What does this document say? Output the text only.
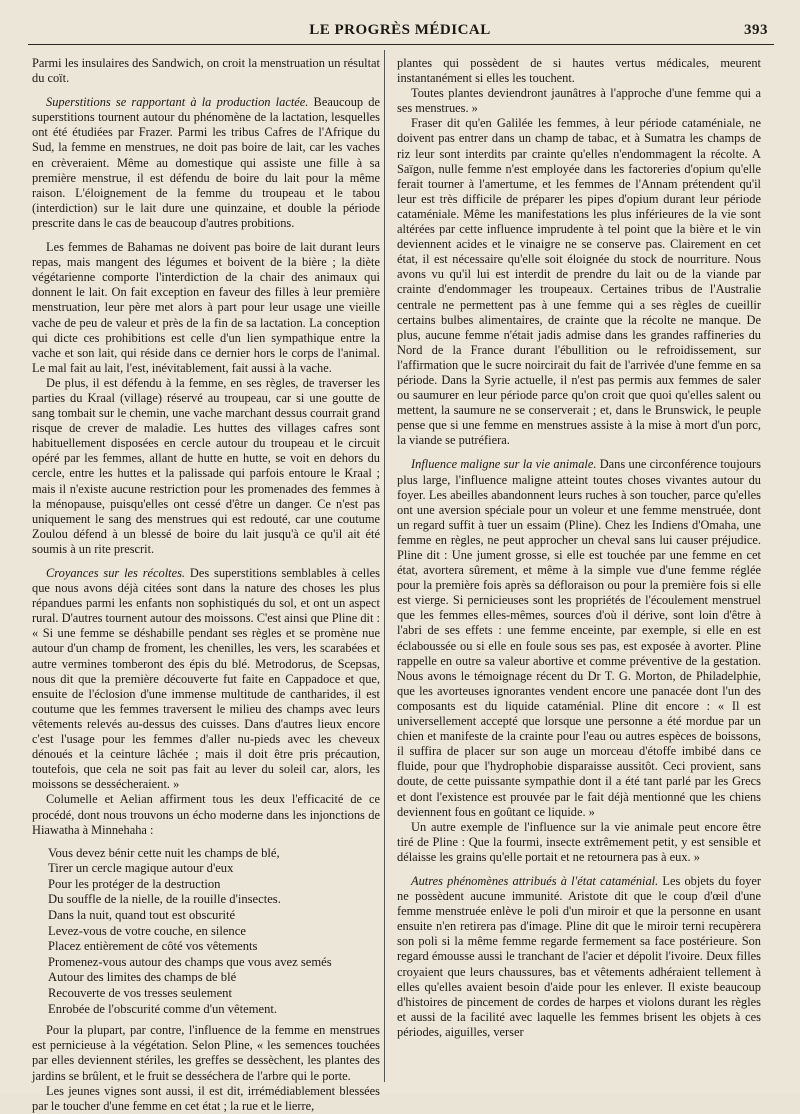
LE PROGRÈS MÉDICAL	393

Parmi les insulaires des Sandwich, on croit la menstruation un résultat du coït.

Superstitions se rapportant à la production lactée. Beaucoup de superstitions tournent autour du phénomène de la lactation, lesquelles ont été étudiées par Frazer. Parmi les tribus Cafres de l'Afrique du Sud, la femme en menstrues, ne doit pas boire de lait, car les vaches en crèveraient. Même au domestique qui assiste une fille à sa première menstrue, il est défendu de boire du lait pour la même raison. L'éloignement de la femme du troupeau et le tabou (interdiction) sur le lait dure une quinzaine, et double la période prescrite dans le cas de beaucoup d'autres probitions.

Les femmes de Bahamas ne doivent pas boire de lait durant leurs repas, mais mangent des légumes et boivent de la bière ; la diète végétarienne comporte l'interdiction de la chair des animaux qui donnent le lait. On fait exception en faveur des filles à leur première menstruation, leur père met alors à part pour leur usage une vieille vache de peu de valeur et près de la fin de sa lactation. La conception qui dicte ces prohibitions est celle d'un lien sympathique entre la vache et son lait, qui réside dans ce dernier hors le corps de l'animal. Le mal fait au lait, l'est, inévitablement, fait aussi à la vache.

De plus, il est défendu à la femme, en ses règles, de traverser les parties du Kraal (village) réservé au troupeau, car si une goutte de sang tombait sur le chemin, une vache marchant dessus courrait grand risque de crever de maladie. Les huttes des villages cafres sont habituellement disposées en cercle autour du troupeau et le circuit opéré par les femmes, allant de hutte en hutte, se voit en dehors du cercle, entre les huttes et la palissade qui parfois entoure le Kraal ; mais il n'existe aucune restriction pour les promenades des femmes à la ménopause, puisqu'elles ont cessé d'être un danger. Ce n'est pas uniquement le sang des menstrues qui est redouté, car une coutume Zoulou défend à un blessé de boire du lait jusqu'à ce qu'il ait été soumis à un rite prescrit.

Croyances sur les récoltes. Des superstitions semblables à celles que nous avons déjà citées sont dans la nature des choses les plus répandues parmi les enfants non sophistiqués du sol, et ont un aspect rural. D'autres tournent autour des moissons. C'est ainsi que Pline dit : « Si une femme se déshabille pendant ses règles et se promène nue autour d'un champ de froment, les chenilles, les vers, les scarabées et autre vermines tomberont des épis du blé. Metrodorus, de Scepsas, nous dit que la première découverte fut faite en Cappadoce et que, ensuite de l'éclosion d'une immense multitude de cantharides, il est coutume que les femmes traversent le milieu des champs avec leurs vêtements relevés au-dessus des cuisses. Dans d'autres lieux encore c'est l'usage pour les femmes d'aller nu-pieds avec les cheveux dénoués et la ceinture lâchée ; mais il doit être pris précaution, toutefois, que cela ne soit pas fait au lever du soleil car, alors, les moissons se dessécheraient. »

Columelle et Aelian affirment tous les deux l'efficacité de ce procédé, dont nous trouvons un écho moderne dans les injonctions de Hiawatha à Minnehaha :

Vous devez bénir cette nuit les champs de blé,
Tirer un cercle magique autour d'eux
Pour les protéger de la destruction
Du souffle de la nielle, de la rouille d'insectes.
Dans la nuit, quand tout est obscurité
Levez-vous de votre couche, en silence
Placez entièrement de côté vos vêtements
Promenez-vous autour des champs que vous avez semés
Autour des limites des champs de blé
Recouverte de vos tresses seulement
Enrobée de l'obscurité comme d'un vêtement.

Pour la plupart, par contre, l'influence de la femme en menstrues est pernicieuse à la végétation. Selon Pline, « les semences touchées par elles deviennent stériles, les greffes se dessèchent, les plantes des jardins se brûlent, et le fruit se desséchera de l'arbre qui le porte.

Les jeunes vignes sont aussi, il est dit, irrémédiablement blessées par le toucher d'une femme en cet état ; la rue et le lierre,

plantes qui possèdent de si hautes vertus médicales, meurent instantanément si elles les touchent.

Toutes plantes deviendront jaunâtres à l'approche d'une femme qui a ses menstrues. »

Fraser dit qu'en Galilée les femmes, à leur période cataméniale, ne doivent pas entrer dans un champ de tabac, et à Sumatra les champs de riz leur sont interdits par crainte qu'elles n'endommagent la récolte. A Saïgon, nulle femme n'est employée dans les factoreries d'opium qu'elle ferait tourner à l'amertume, et les femmes de l'Annam prétendent qu'il leur est très difficile de préparer les pipes d'opium durant leur période cataméniale. Même les manifestations les plus inférieures de la vie sont altérées par cette influence imprudente à tel point que la bière et le vin deviennent acides et le vinaigre ne se conserve pas. Clairement en cet état, il est nécessaire qu'elle soit éloignée du stock de nourriture. Nous avons vu qu'il lui est interdit de prendre du lait ou de la viande par crainte d'endommager les troupeaux. Certaines tribus de l'Australie centrale ne permettent pas à une femme qui a ses règles de cueillir certains bulbes alimentaires, de crainte que la récolte ne manque. De plus, aucune femme n'était jadis admise dans les grandes raffineries du Nord de la France durant l'ébullition ou le refroidissement, sur l'affirmation que le sucre noircirait du fait de l'arrivée d'une femme en sa période. Dans la Syrie actuelle, il n'est pas permis aux femmes de saler ou saumurer en leur période parce qu'on croit que quoi qu'elles salent ou mettent, la saumure ne se conserverait ; et, dans le Brunswick, le peuple pense que si une femme en menstrues assiste à la mise à mort d'un porc, la viande se putréfiera.

Influence maligne sur la vie animale. Dans une circonférence toujours plus large, l'influence maligne atteint toutes choses vivantes autour du foyer. Les abeilles abandonnent leurs ruches à son toucher, parce qu'elles ont une aversion spéciale pour un voleur et une femme menstruée, dont un regard suffit à tuer un essaim (Pline). Chez les Indiens d'Omaha, une femme en règles, ne peut approcher un cheval sans lui causer préjudice. Pline dit : Une jument grosse, si elle est touchée par une femme en cet état, avortera sûrement, et même à la simple vue d'une femme réglée pour la première fois après sa défloraison ou pour la première fois si elle est vierge. Si pernicieuses sont les propriétés de l'écoulement menstruel que les femmes elles-mêmes, sources d'où il dérive, sont loin d'être à l'abri de ses effets : une femme enceinte, par exemple, si elle en est éclaboussée ou si elle en foule sous ses pas, est exposée à avorter. Pline rappelle en outre sa valeur abortive et comme préventive de la gestation. Nous avons le témoignage récent du Dr T. G. Morton, de Philadelphie, que les avorteuses ignorantes vendent encore une panacée dont l'un des composants est du liquide cataménial. Pline dit encore : « Il est universellement accepté que lorsque une personne a été mordue par un chien et manifeste de la crainte pour l'eau ou autres espèces de boissons, il suffira de placer sur son auge un morceau d'étoffe imbibé dans ce fluide, pour que l'hydrophobie disparaisse aussitôt. Ceci provient, sans doute, de cette puissante sympathie dont il a été tant parlé par les Grecs et dont l'existence est prouvée par le fait déjà mentionné que les chiens deviennent fous en goûtant ce liquide. »

Un autre exemple de l'influence sur la vie animale peut encore être tiré de Pline : Que la fourmi, insecte extrêmement petit, y est sensible et délaisse les grains qu'elle portait et ne retournera pas à eux. »

Autres phénomènes attribués à l'état cataménial. Les objets du foyer ne possèdent aucune immunité. Aristote dit que le coup d'œil d'une femme menstruée enlève le poli d'un miroir et que la personne en usant ensuite n'en retirera pas d'image. Pline dit que le miroir terni recupèrera son poli si la même femme regarde fermement sa face postérieure. Son regard émousse aussi le tranchant de l'acier et dépolit l'ivoire. Deux filles croyaient que leurs chaussures, bas et vêtements adhéraient tellement à elles qu'elles avaient besoin d'aide pour les enlever. Il existe beaucoup d'histoires de pincement de cordes de harpes et violons durant les règles et aussi de la facilité avec laquelle les femmes brisent les objets à ces périodes, aiguilles, verser
